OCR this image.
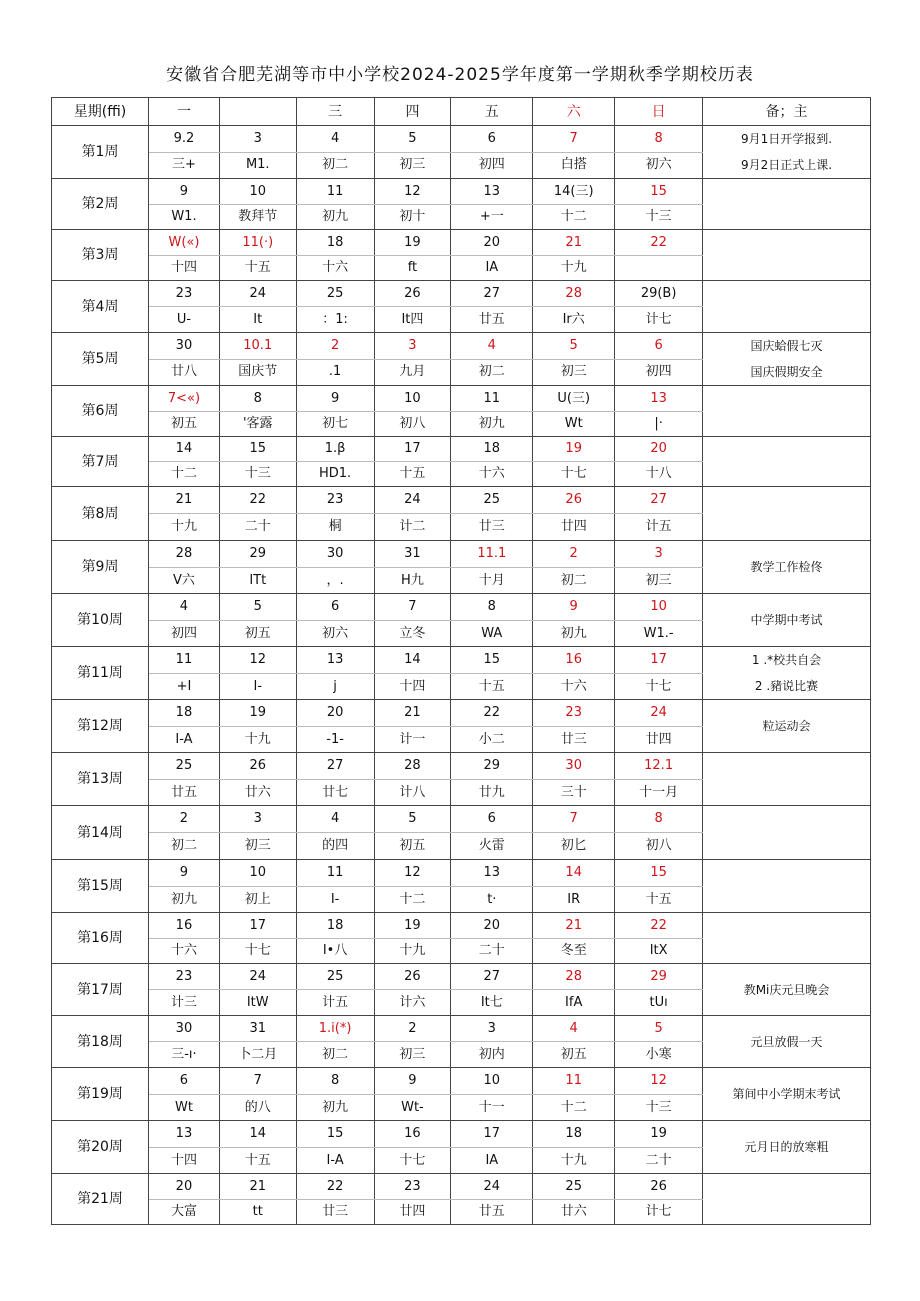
安徽省合肥芜湖等市中小学校2024-2025学年度第一学期秋季学期校历表
星期(ffi)	一		三	四	五	六	日	备；主
第1周	9.2	3	4	5	6	7	8	9月1日开学报到.
9月2日正式上课.

	三+	M1.	初二	初三	初四	白搭	初六	
第2周	9	10	11	12	13	14(三)	15	
	W1.	教拜节	初九	初十	+一	十二	十三	
第3周	W(«)	11(·)	18	19	20	21	22	
	十四	十五	十六	ft	IA	十九		
第4周	23	24	25	26	27	28	29(B)	
	U-	It	：1:	It四	廿五	Ir六	计七	
第5周	30	10.1	2	3	4	5	6	国庆蛤假七灭
国庆假期安全

	廿八	国庆节	.1	九月	初二	初三	初四	
第6周	7<«)	8	9	10	11	U(三)	13	
	初五	'客露	初七	初八	初九	Wt	|·	
第7周	14	15	1.β	17	18	19	20	
	十二	十三	HD1.	十五	十六	十七	十八	
第8周	21	22	23	24	25	26	27	
	十九	二十	桐	计二	廿三	廿四	计五	
第9周	28	29	30	31	11.1	2	3	教学工作检佟

	V六	ITt	，.	H九	十月	初二	初三	
第10周	4	5	6	7	8	9	10	中学期中考试

	初四	初五	初六	立冬	WA	初九	W1.-	
第11周	11	12	13	14	15	16	17	1 .*校共自会
2 .豬说比赛

	+I	I-	j	十四	十五	十六	十七	
第12周	18	19	20	21	22	23	24	粒运动会

	I-A	十九	-1-	计一	小二	廿三	廿四	
第13周	25	26	27	28	29	30	12.1	
	廿五	廿六	廿七	计八	廿九	三十	十一月	
第14周	2	3	4	5	6	7	8	
	初二	初三	的四	初五	火雷	初匕	初八	
第15周	9	10	11	12	13	14	15	
	初九	初上	I-	十二	t·	IR	十五	
第16周	16	17	18	19	20	21	22	
	十六	十七	I•八	十九	二十	冬至	ItX	
第17周	23	24	25	26	27	28	29	教Mi庆元旦晚会

	计三	ItW	计五	计六	It七	IfA	tUı	
第18周	30	31	1.i(*)	2	3	4	5	元旦放假一天

	三-ı·	卜二月	初二	初三	初内	初五	小寒	
第19周	6	7	8	9	10	11	12	第间中小学期末考试

	Wt	的八	初九	Wt-	十一	十二	十三	
第20周	13	14	15	16	17	18	19	元月日的放寒粗

	十四	十五	I-A	十七	IA	十九	二十	
第21周	20	21	22	23	24	25	26	
	大富	tt	廿三	廿四	廿五	廿六	计七	
